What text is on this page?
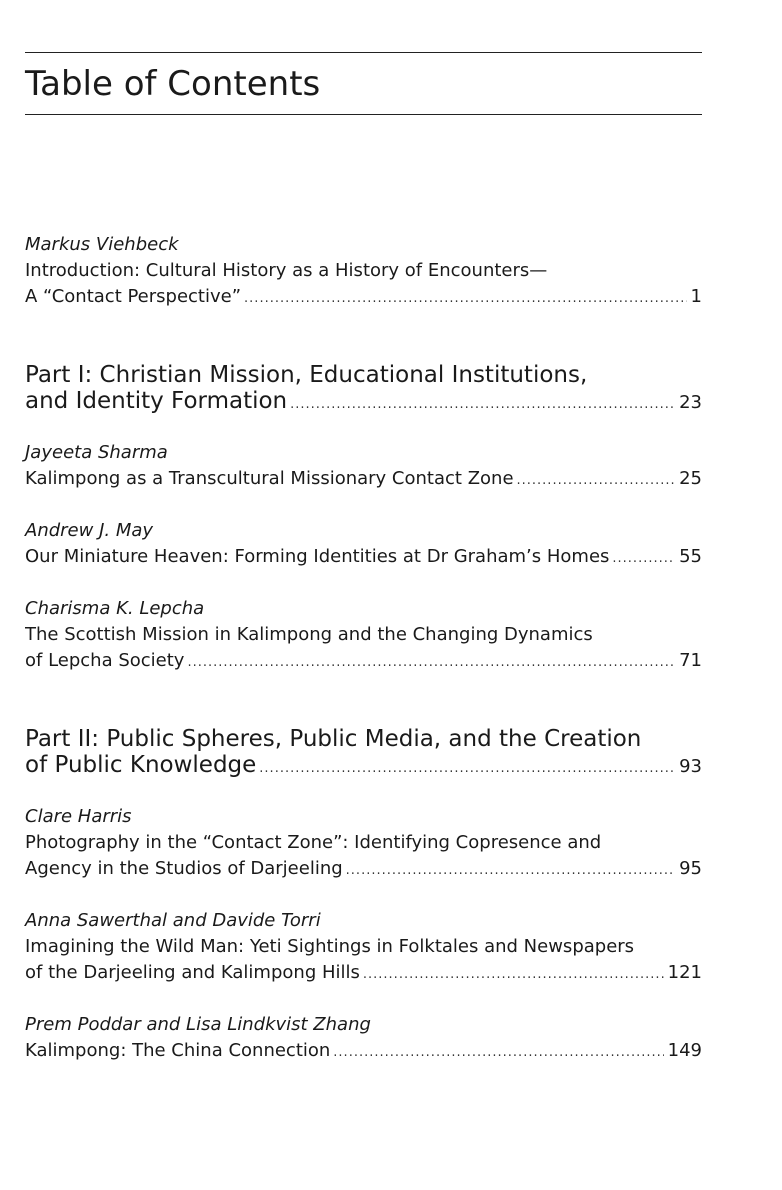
Table of Contents
Markus Viehbeck
Introduction: Cultural History as a History of Encounters—
A “Contact Perspective” .....	1
Part I: Christian Mission, Educational Institutions,
and Identity Formation .....	23
Jayeeta Sharma
Kalimpong as a Transcultural Missionary Contact Zone .....	25
Andrew J. May
Our Miniature Heaven: Forming Identities at Dr Graham’s Homes .....	55
Charisma K. Lepcha
The Scottish Mission in Kalimpong and the Changing Dynamics
of Lepcha Society .....	71
Part II: Public Spheres, Public Media, and the Creation
of Public Knowledge .....	93
Clare Harris
Photography in the “Contact Zone”: Identifying Copresence and
Agency in the Studios of Darjeeling .....	95
Anna Sawerthal and Davide Torri
Imagining the Wild Man: Yeti Sightings in Folktales and Newspapers
of the Darjeeling and Kalimpong Hills .....	121
Prem Poddar and Lisa Lindkvist Zhang
Kalimpong: The China Connection .....	149
